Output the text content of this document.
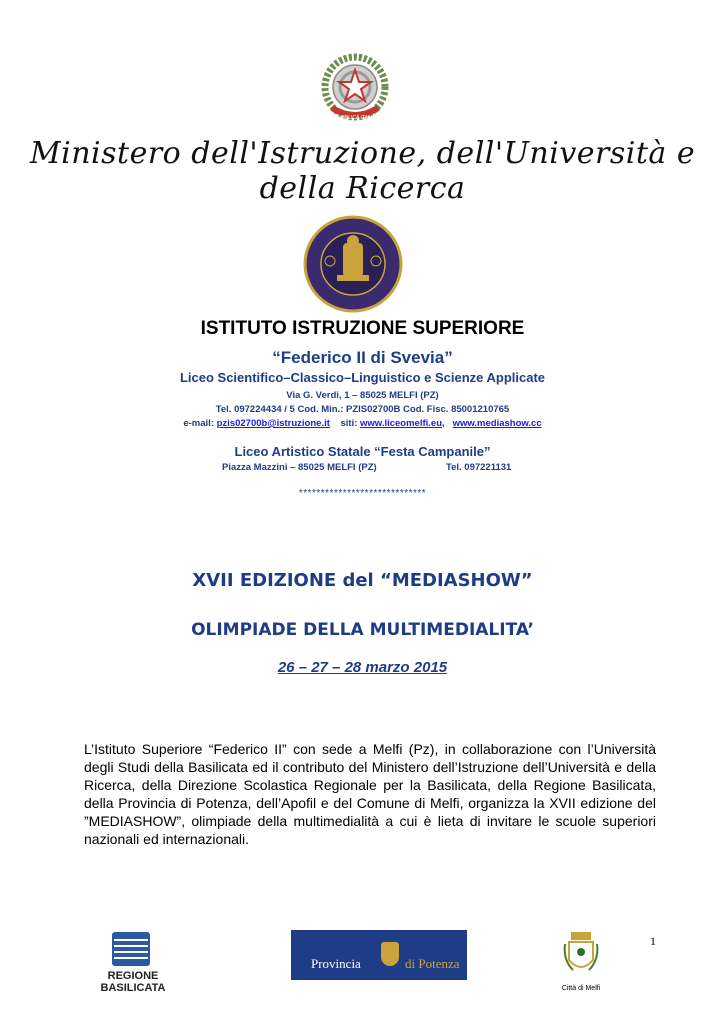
REPUBBLICA ITALIANA
Ministero dell'Istruzione, dell'Università e della Ricerca
ISTITUTO ISTRUZIONE SUPERIORE
“Federico II di Svevia”
Liceo Scientifico–Classico–Linguistico e Scienze Applicate
Via G. Verdi, 1 – 85025 MELFI (PZ)
Tel. 097224434 / 5 Cod. Min.: PZIS02700B Cod. Fisc. 85001210765
e-mail: pzis02700b@istruzione.it siti: www.liceomelfi.eu, www.mediashow.cc
Liceo Artistico Statale “Festa Campanile”
Piazza Mazzini – 85025 MELFI (PZ)	Tel. 097221131
*****************************
XVII EDIZIONE del “MEDIASHOW”
OLIMPIADE DELLA MULTIMEDIALITA’
26 – 27 – 28 marzo 2015
L’Istituto Superiore “Federico II” con sede a Melfi (Pz), in collaborazione con l’Università degli Studi della Basilicata ed il contributo del Ministero dell’Istruzione dell’Università e della Ricerca, della Direzione Scolastica Regionale per la Basilicata, della Regione Basilicata, della Provincia di Potenza, dell’Apofil e del Comune di Melfi, organizza la XVII edizione del ”MEDIASHOW”, olimpiade della multimedialità a cui è lieta di invitare le scuole superiori nazionali ed internazionali.
1
REGIONE BASILICATA
Provincia	di Potenza
Città di Melfi
